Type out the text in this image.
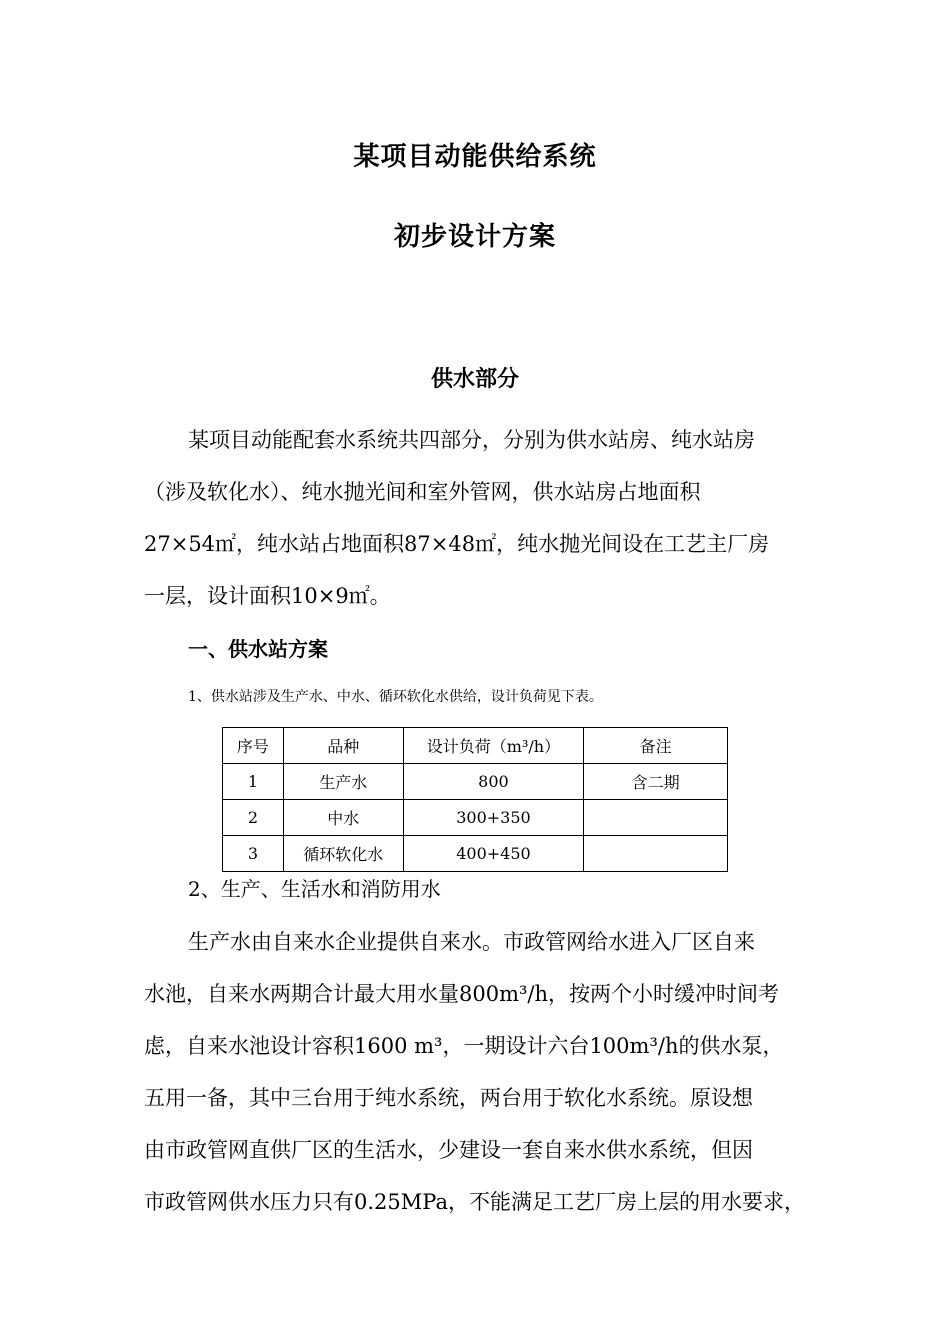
某项目动能供给系统
初步设计方案
供水部分
某项目动能配套水系统共四部分，分别为供水站房、纯水站房
（涉及软化水）、纯水抛光间和室外管网，供水站房占地面积
27×54㎡，纯水站占地面积87×48㎡，纯水抛光间设在工艺主厂房
一层，设计面积10×9㎡。
一、供水站方案
1、供水站涉及生产水、中水、循环软化水供给，设计负荷见下表。
序号	品种	设计负荷（m³/h）	备注
1	生产水	800	含二期
2	中水	300+350	
3	循环软化水	400+450	
2、生产、生活水和消防用水
生产水由自来水企业提供自来水。市政管网给水进入厂区自来
水池，自来水两期合计最大用水量800m³/h，按两个小时缓冲时间考
虑，自来水池设计容积1600 m³，一期设计六台100m³/h的供水泵，
五用一备，其中三台用于纯水系统，两台用于软化水系统。原设想
由市政管网直供厂区的生活水，少建设一套自来水供水系统，但因
市政管网供水压力只有0.25MPa，不能满足工艺厂房上层的用水要求，
